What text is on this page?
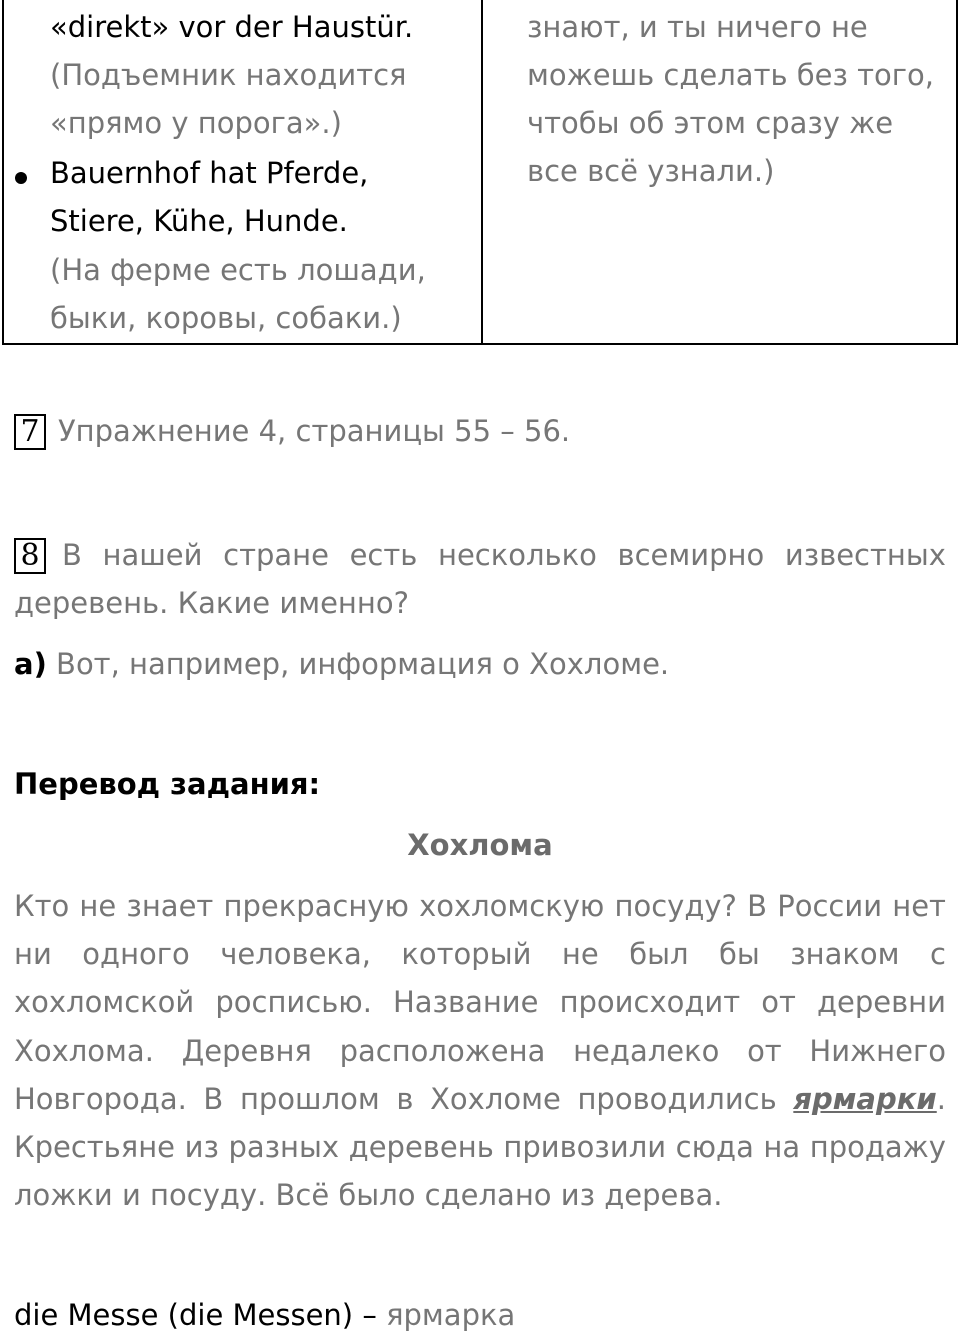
«direkt» vor der Haustür.
(Подъемник находится
«прямо у порога».)
Bauernhof hat Pferde,
Stiere, Kühe, Hunde.
(На ферме есть лошади,
быки, коровы, собаки.)
знают, и ты ничего не
можешь сделать без того,
чтобы об этом сразу же
все всё узнали.)
7 Упражнение 4, страницы 55 – 56.
8 В нашей стране есть несколько всемирно известных
деревень. Какие именно?
а) Вот, например, информация о Хохломе.
Перевод задания:
Хохлома
Кто не знает прекрасную хохломскую посуду? В России нет
ни одного человека, который не был бы знаком с
хохломской росписью. Название происходит от деревни
Хохлома. Деревня расположена недалеко от Нижнего
Новгорода. В прошлом в Хохломе проводились ярмарки.
Крестьяне из разных деревень привозили сюда на продажу
ложки и посуду. Всё было сделано из дерева.
die Messe (die Messen) – ярмарка
